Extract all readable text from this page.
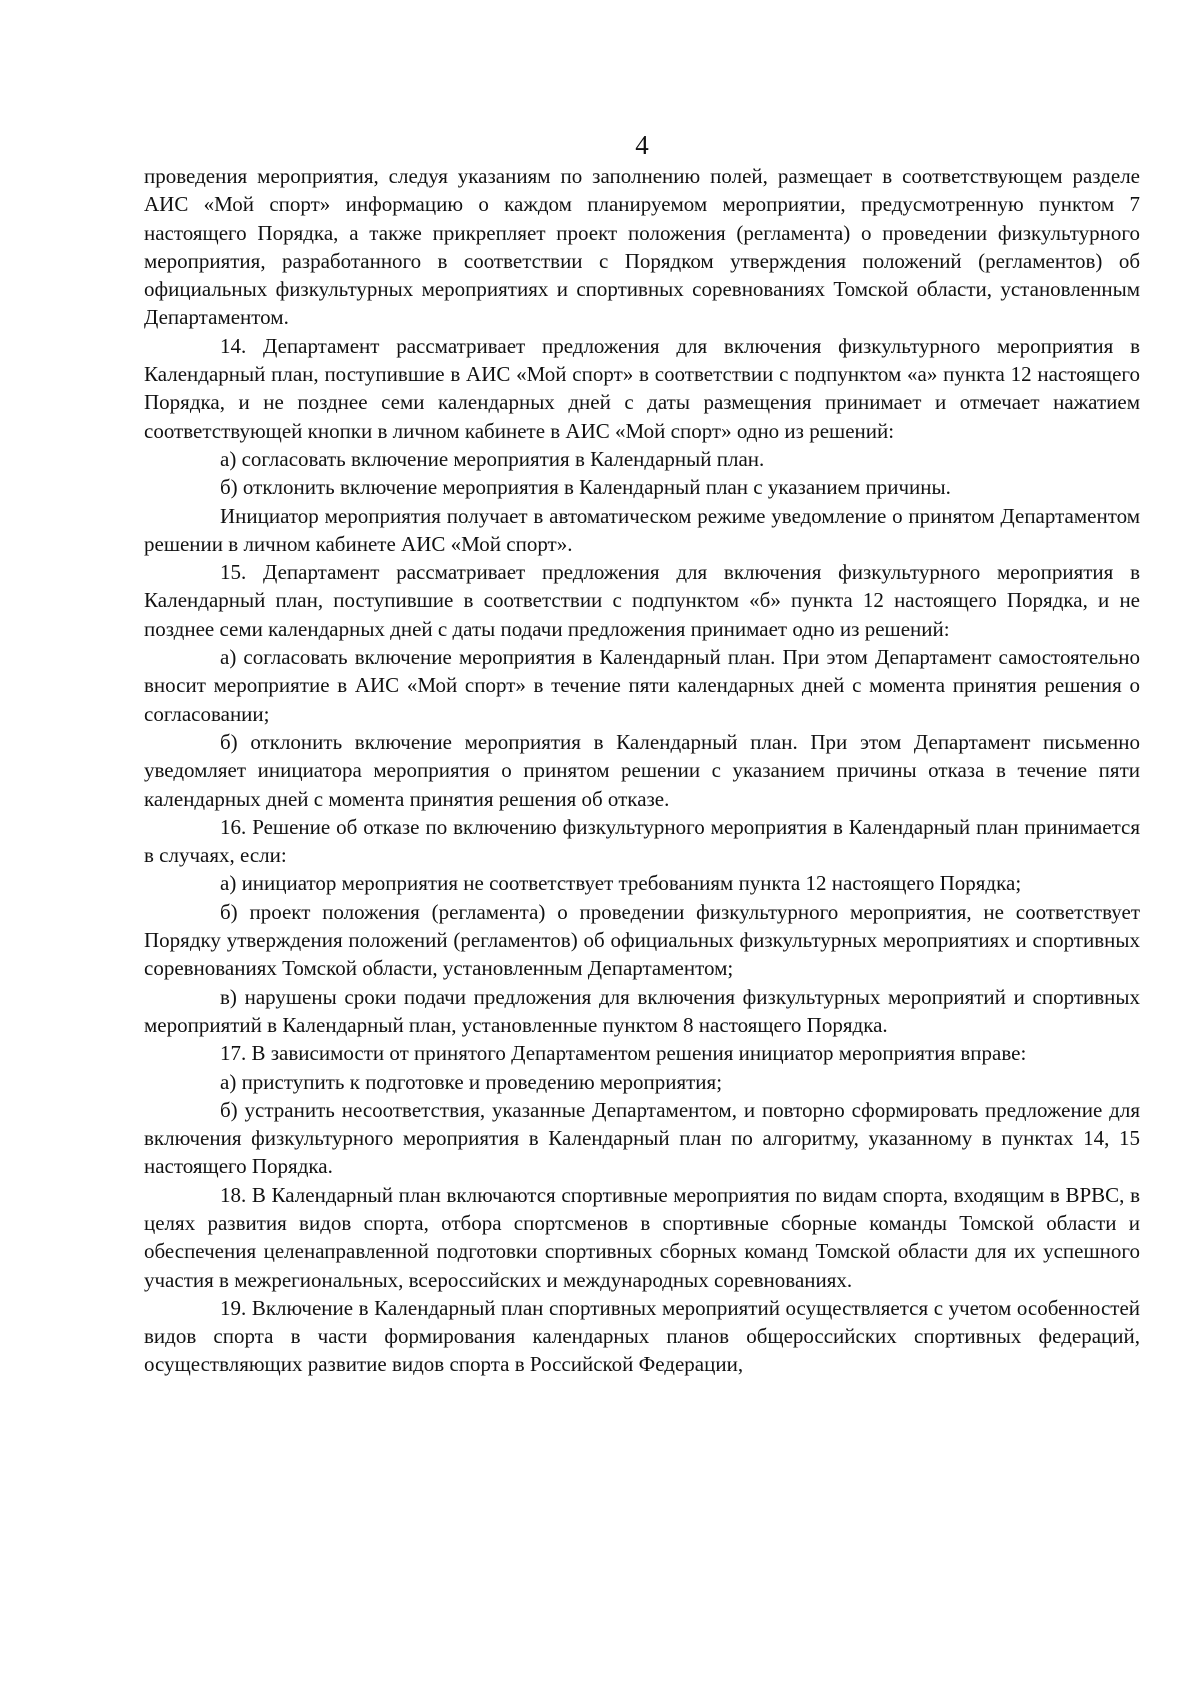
4

проведения мероприятия, следуя указаниям по заполнению полей, размещает в соответствующем разделе АИС «Мой спорт» информацию о каждом планируемом мероприятии, предусмотренную пунктом 7 настоящего Порядка, а также прикрепляет проект положения (регламента) о проведении физкультурного мероприятия, разработанного в соответствии с Порядком утверждения положений (регламентов) об официальных физкультурных мероприятиях и спортивных соревнованиях Томской области, установленным Департаментом.

14. Департамент рассматривает предложения для включения физкультурного мероприятия в Календарный план, поступившие в АИС «Мой спорт» в соответствии с подпунктом «а» пункта 12 настоящего Порядка, и не позднее семи календарных дней с даты размещения принимает и отмечает нажатием соответствующей кнопки в личном кабинете в АИС «Мой спорт» одно из решений:

а) согласовать включение мероприятия в Календарный план.

б) отклонить включение мероприятия в Календарный план с указанием причины.

Инициатор мероприятия получает в автоматическом режиме уведомление о принятом Департаментом решении в личном кабинете АИС «Мой спорт».

15. Департамент рассматривает предложения для включения физкультурного мероприятия в Календарный план, поступившие в соответствии с подпунктом «б» пункта 12 настоящего Порядка, и не позднее семи календарных дней с даты подачи предложения принимает одно из решений:

а) согласовать включение мероприятия в Календарный план. При этом Департамент самостоятельно вносит мероприятие в АИС «Мой спорт» в течение пяти календарных дней с момента принятия решения о согласовании;

б) отклонить включение мероприятия в Календарный план. При этом Департамент письменно уведомляет инициатора мероприятия о принятом решении с указанием причины отказа в течение пяти календарных дней с момента принятия решения об отказе.

16. Решение об отказе по включению физкультурного мероприятия в Календарный план принимается в случаях, если:

а) инициатор мероприятия не соответствует требованиям пункта 12 настоящего Порядка;

б) проект положения (регламента) о проведении физкультурного мероприятия, не соответствует Порядку утверждения положений (регламентов) об официальных физкультурных мероприятиях и спортивных соревнованиях Томской области, установленным Департаментом;

в) нарушены сроки подачи предложения для включения физкультурных мероприятий и спортивных мероприятий в Календарный план, установленные пунктом 8 настоящего Порядка.

17. В зависимости от принятого Департаментом решения инициатор мероприятия вправе:

а) приступить к подготовке и проведению мероприятия;

б) устранить несоответствия, указанные Департаментом, и повторно сформировать предложение для включения физкультурного мероприятия в Календарный план по алгоритму, указанному в пунктах 14, 15 настоящего Порядка.

18. В Календарный план включаются спортивные мероприятия по видам спорта, входящим в ВРВС, в целях развития видов спорта, отбора спортсменов в спортивные сборные команды Томской области и обеспечения целенаправленной подготовки спортивных сборных команд Томской области для их успешного участия в межрегиональных, всероссийских и международных соревнованиях.

19. Включение в Календарный план спортивных мероприятий осуществляется с учетом особенностей видов спорта в части формирования календарных планов общероссийских спортивных федераций, осуществляющих развитие видов спорта в Российской Федерации,
